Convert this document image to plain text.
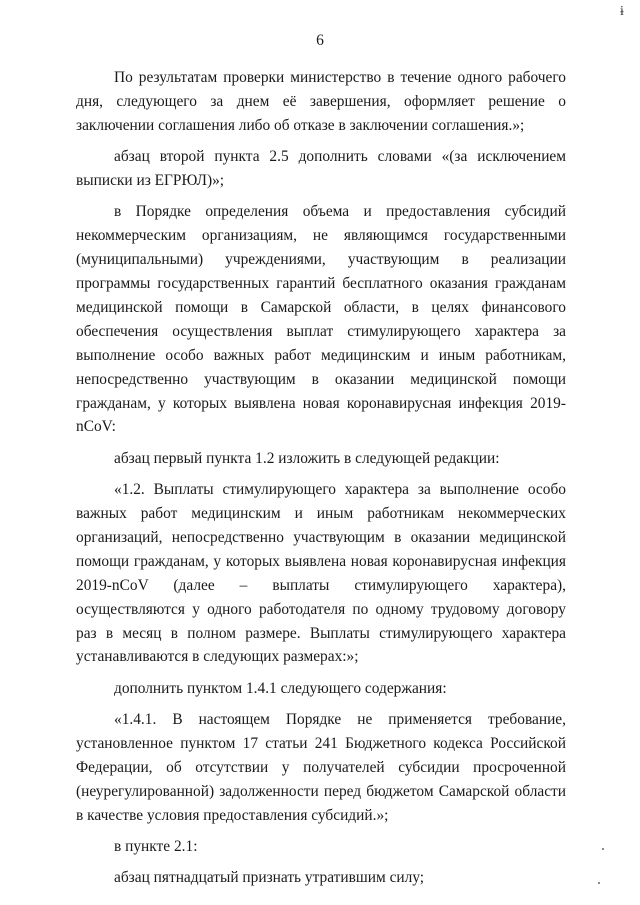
ɨ
6

По результатам проверки министерство в течение одного рабочего дня, следующего за днем её завершения, оформляет решение о заключении соглашения либо об отказе в заключении соглашения.»;

абзац второй пункта 2.5 дополнить словами «(за исключением выписки из ЕГРЮЛ)»;

в Порядке определения объема и предоставления субсидий некоммерческим организациям, не являющимся государственными (муниципальными) учреждениями, участвующим в реализации программы государственных гарантий бесплатного оказания гражданам медицинской помощи в Самарской области, в целях финансового обеспечения осуществления выплат стимулирующего характера за выполнение особо важных работ медицинским и иным работникам, непосредственно участвующим в оказании медицинской помощи гражданам, у которых выявлена новая коронавирусная инфекция 2019-nCoV:

абзац первый пункта 1.2 изложить в следующей редакции:

«1.2. Выплаты стимулирующего характера за выполнение особо важных работ медицинским и иным работникам некоммерческих организаций, непосредственно участвующим в оказании медицинской помощи гражданам, у которых выявлена новая коронавирусная инфекция 2019-nCoV (далее – выплаты стимулирующего характера), осуществляются у одного работодателя по одному трудовому договору раз в месяц в полном размере. Выплаты стимулирующего характера устанавливаются в следующих размерах:»;

дополнить пунктом 1.4.1 следующего содержания:

«1.4.1. В настоящем Порядке не применяется требование, установленное пунктом 17 статьи 241 Бюджетного кодекса Российской Федерации, об отсутствии у получателей субсидии просроченной (неурегулированной) задолженности перед бюджетом Самарской области в качестве условия предоставления субсидий.»;

в пункте 2.1:

абзац пятнадцатый признать утратившим силу;
